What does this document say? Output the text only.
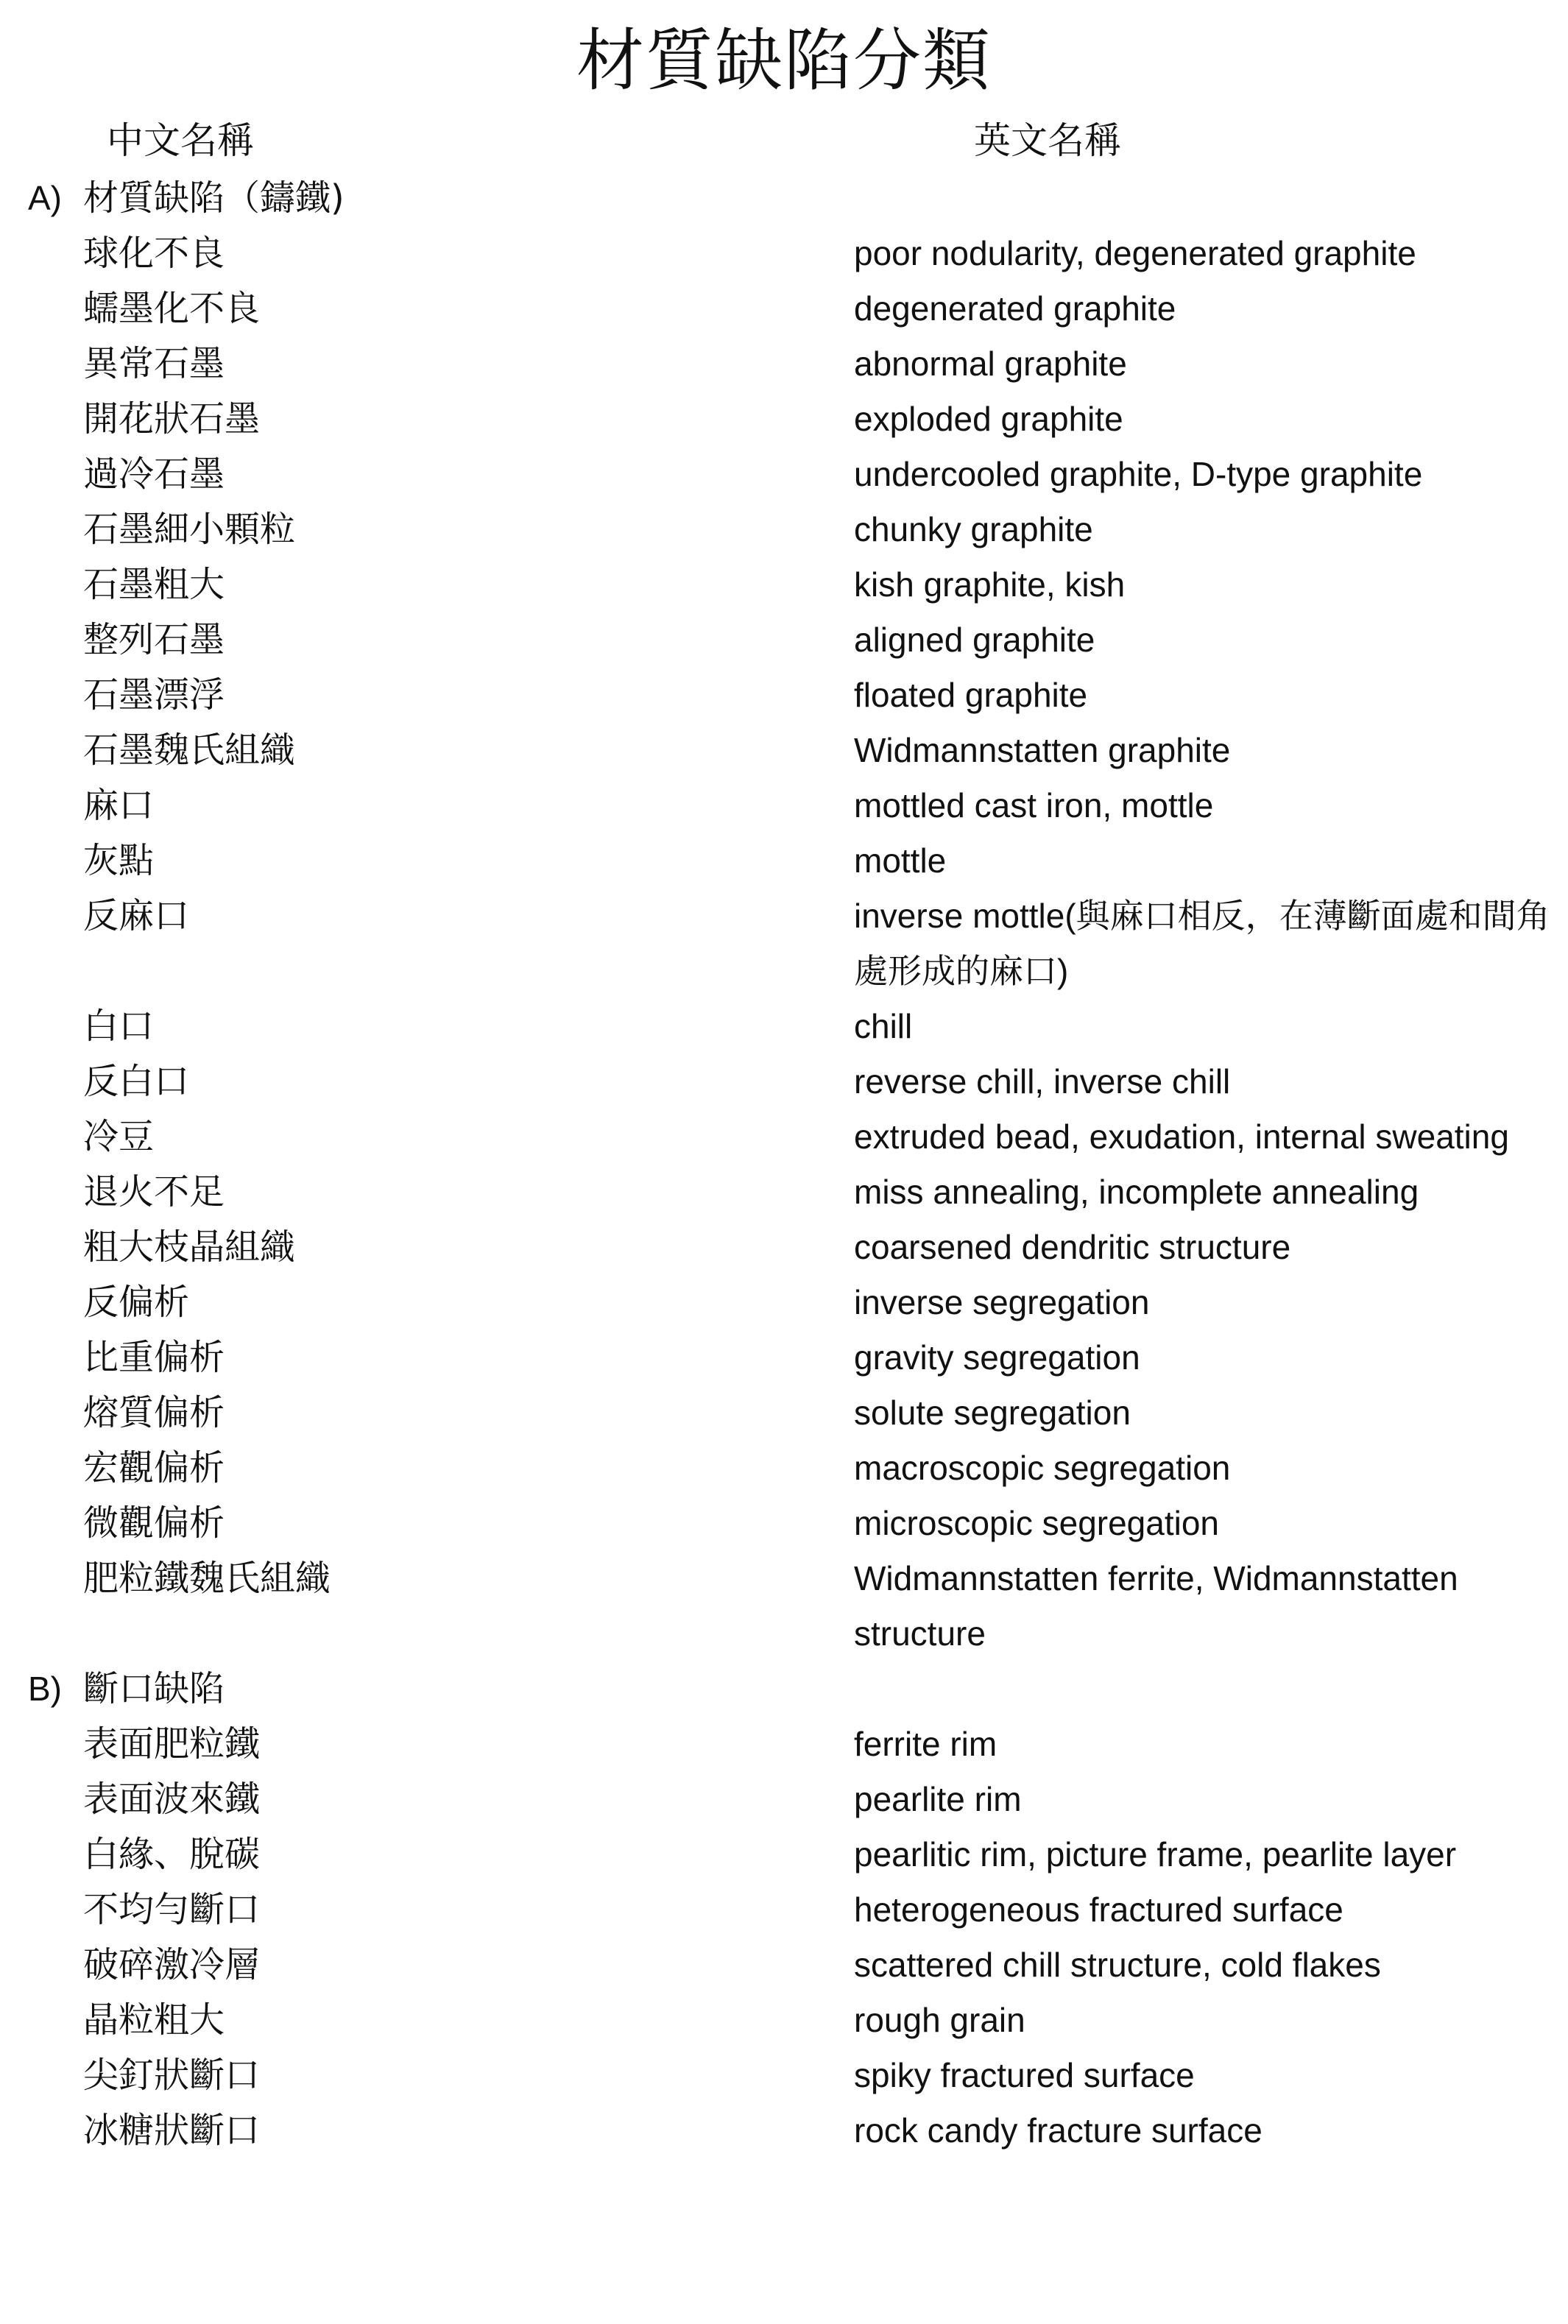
材質缺陷分類
中文名稱	英文名稱
A) 材質缺陷（鑄鐵)
球化不良	poor nodularity, degenerated graphite
蠕墨化不良	degenerated graphite
異常石墨	abnormal graphite
開花狀石墨	exploded graphite
過冷石墨	undercooled graphite, D-type graphite
石墨細小顆粒	chunky graphite
石墨粗大	kish graphite, kish
整列石墨	aligned graphite
石墨漂浮	floated graphite
石墨魏氏組織	Widmannstatten graphite
麻口	mottled cast iron, mottle
灰點	mottle
反麻口	inverse mottle(與麻口相反，在薄斷面處和間角處形成的麻口)
白口	chill
反白口	reverse chill, inverse chill
冷豆	extruded bead, exudation, internal sweating
退火不足	miss annealing, incomplete annealing
粗大枝晶組織	coarsened dendritic structure
反偏析	inverse segregation
比重偏析	gravity segregation
熔質偏析	solute segregation
宏觀偏析	macroscopic segregation
微觀偏析	microscopic segregation
肥粒鐵魏氏組織	Widmannstatten ferrite, Widmannstatten structure
B) 斷口缺陷
表面肥粒鐵	ferrite rim
表面波來鐵	pearlite rim
白緣、脫碳	pearlitic rim, picture frame, pearlite layer
不均勻斷口	heterogeneous fractured surface
破碎激冷層	scattered chill structure, cold flakes
晶粒粗大	rough grain
尖釘狀斷口	spiky fractured surface
冰糖狀斷口	rock candy fracture surface
